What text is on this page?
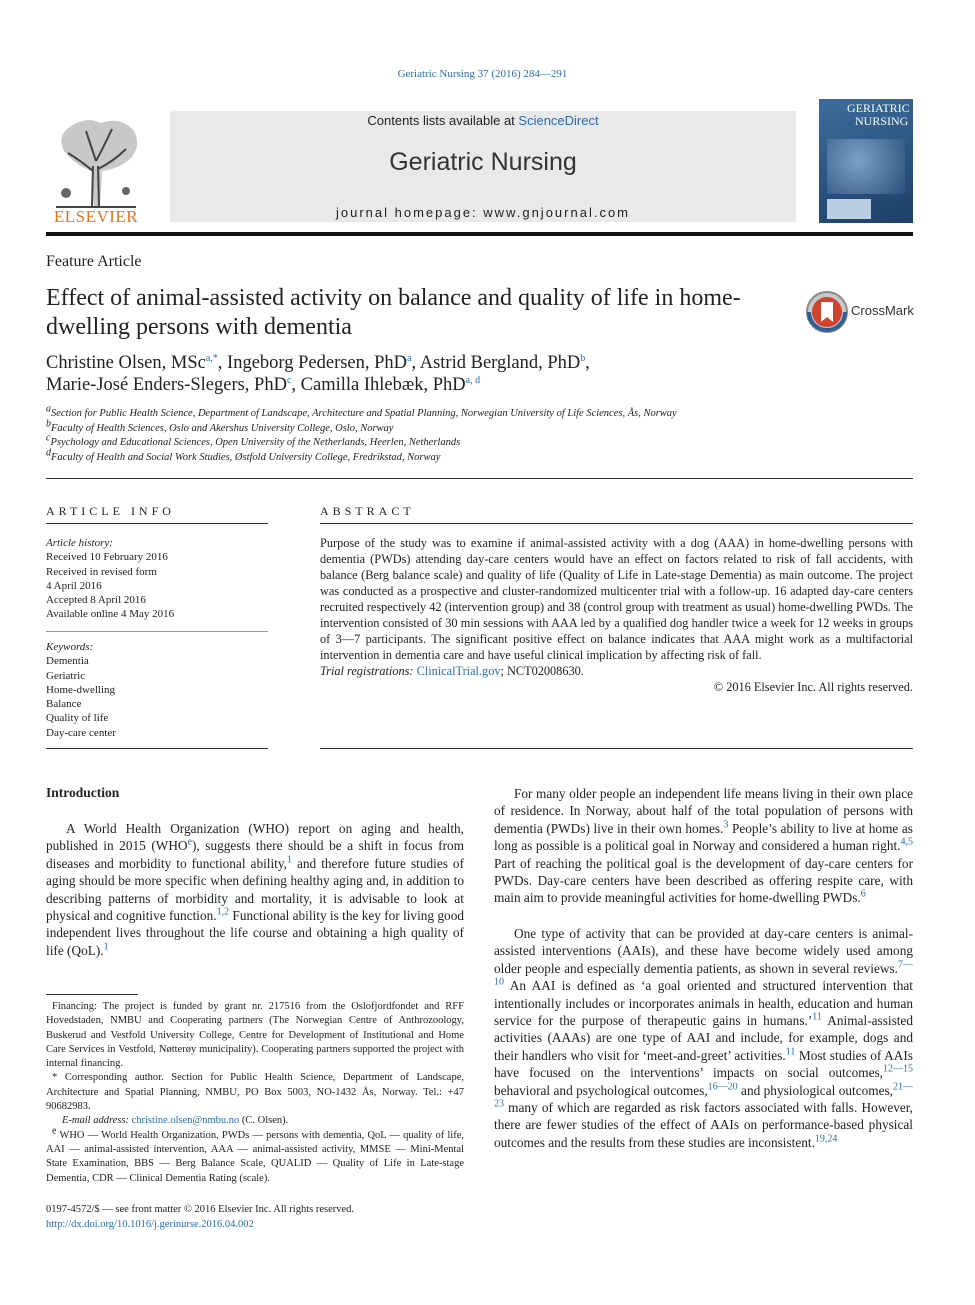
Geriatric Nursing 37 (2016) 284—291
ELSEVIER
Contents lists available at ScienceDirect
Geriatric Nursing
journal homepage: www.gnjournal.com
GERIATRIC
NURSING
Feature Article
Effect of animal-assisted activity on balance and quality of life in home-dwelling persons with dementia
CrossMark
Christine Olsen, MSc$^{a,*}$, Ingeborg Pedersen, PhD$^a$, Astrid Bergland, PhD$^b$,
Marie-José Enders-Slegers, PhD$^c$, Camilla Ihlebæk, PhD$^{a, d}$
$^a$Section for Public Health Science, Department of Landscape, Architecture and Spatial Planning, Norwegian University of Life Sciences, Ås, Norway
$^b$Faculty of Health Sciences, Oslo and Akershus University College, Oslo, Norway
$^c$Psychology and Educational Sciences, Open University of the Netherlands, Heerlen, Netherlands
$^d$Faculty of Health and Social Work Studies, Østfold University College, Fredrikstad, Norway
ARTICLE INFO
Article history:
Received 10 February 2016
Received in revised form
4 April 2016
Accepted 8 April 2016
Available online 4 May 2016
Keywords:
Dementia
Geriatric
Home-dwelling
Balance
Quality of life
Day-care center
ABSTRACT
Purpose of the study was to examine if animal-assisted activity with a dog (AAA) in home-dwelling persons with dementia (PWDs) attending day-care centers would have an effect on factors related to risk of fall accidents, with balance (Berg balance scale) and quality of life (Quality of Life in Late-stage Dementia) as main outcome. The project was conducted as a prospective and cluster-randomized multicenter trial with a follow-up. 16 adapted day-care centers recruited respectively 42 (intervention group) and 38 (control group with treatment as usual) home-dwelling PWDs. The intervention consisted of 30 min sessions with AAA led by a qualified dog handler twice a week for 12 weeks in groups of 3—7 participants. The significant positive effect on balance indicates that AAA might work as a multifactorial intervention in dementia care and have useful clinical implication by affecting risk of fall.
Trial registrations: ClinicalTrial.gov; NCT02008630.
© 2016 Elsevier Inc. All rights reserved.
Introduction
A World Health Organization (WHO) report on aging and health, published in 2015 (WHO$^e$), suggests there should be a shift in focus from diseases and morbidity to functional ability,$^1$ and therefore future studies of aging should be more specific when defining healthy aging and, in addition to describing patterns of morbidity and mortality, it is advisable to look at physical and cognitive function.$^{1,2}$ Functional ability is the key for living good independent lives throughout the life course and obtaining a high quality of life (QoL).$^1$
Financing: The project is funded by grant nr. 217516 from the Oslofjordfondet and RFF Hovedstaden, NMBU and Cooperating partners (The Norwegian Centre of Anthrozoology, Buskerud and Vestfold University College, Centre for Development of Institutional and Home Care Services in Vestfold, Nøtterøy municipality). Cooperating partners supported the project with internal financing.
* Corresponding author. Section for Public Health Science, Department of Landscape, Architecture and Spatial Planning, NMBU, PO Box 5003, NO-1432 Ås, Norway. Tel.: +47 90682983.
E-mail address: christine.olsen@nmbu.no (C. Olsen).
$^e$ WHO — World Health Organization, PWDs — persons with dementia, QoL — quality of life, AAI — animal-assisted intervention, AAA — animal-assisted activity, MMSE — Mini-Mental State Examination, BBS — Berg Balance Scale, QUALID — Quality of Life in Late-stage Dementia, CDR — Clinical Dementia Rating (scale).
0197-4572/$ — see front matter © 2016 Elsevier Inc. All rights reserved.
http://dx.doi.org/10.1016/j.gerinurse.2016.04.002
For many older people an independent life means living in their own place of residence. In Norway, about half of the total population of persons with dementia (PWDs) live in their own homes.$^3$ People’s ability to live at home as long as possible is a political goal in Norway and considered a human right.$^{4,5}$ Part of reaching the political goal is the development of day-care centers for PWDs. Day-care centers have been described as offering respite care, with main aim to provide meaningful activities for home-dwelling PWDs.$^6$
One type of activity that can be provided at day-care centers is animal-assisted interventions (AAIs), and these have become widely used among older people and especially dementia patients, as shown in several reviews.$^{7—10}$ An AAI is defined as ‘a goal oriented and structured intervention that intentionally includes or incorporates animals in health, education and human service for the purpose of therapeutic gains in humans.’$^{11}$ Animal-assisted activities (AAAs) are one type of AAI and include, for example, dogs and their handlers who visit for ‘meet-and-greet’ activities.$^{11}$ Most studies of AAIs have focused on the interventions’ impacts on social outcomes,$^{12—15}$ behavioral and psychological outcomes,$^{16—20}$ and physiological outcomes,$^{21—23}$ many of which are regarded as risk factors associated with falls. However, there are fewer studies of the effect of AAIs on performance-based physical outcomes and the results from these studies are inconsistent.$^{19,24}$
